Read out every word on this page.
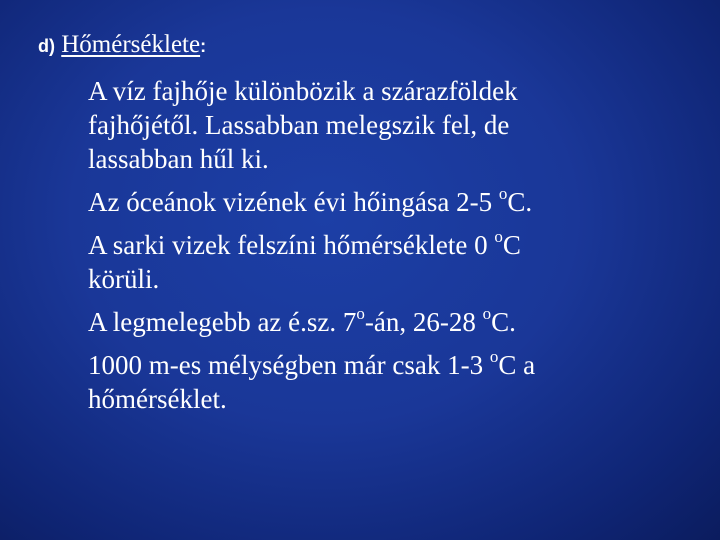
d) Hőmérséklete:

A víz fajhője különbözik a szárazföldek
fajhőjétől. Lassabban melegszik fel, de
lassabban hűl ki.

Az óceánok vizének évi hőingása 2-5 $^o$C.

A sarki vizek felszíni hőmérséklete 0 $^o$C
körüli.

A legmelegebb az é.sz. 7$^o$-án, 26-28 $^o$C.

1000 m-es mélységben már csak 1-3 $^o$C a
hőmérséklet.
